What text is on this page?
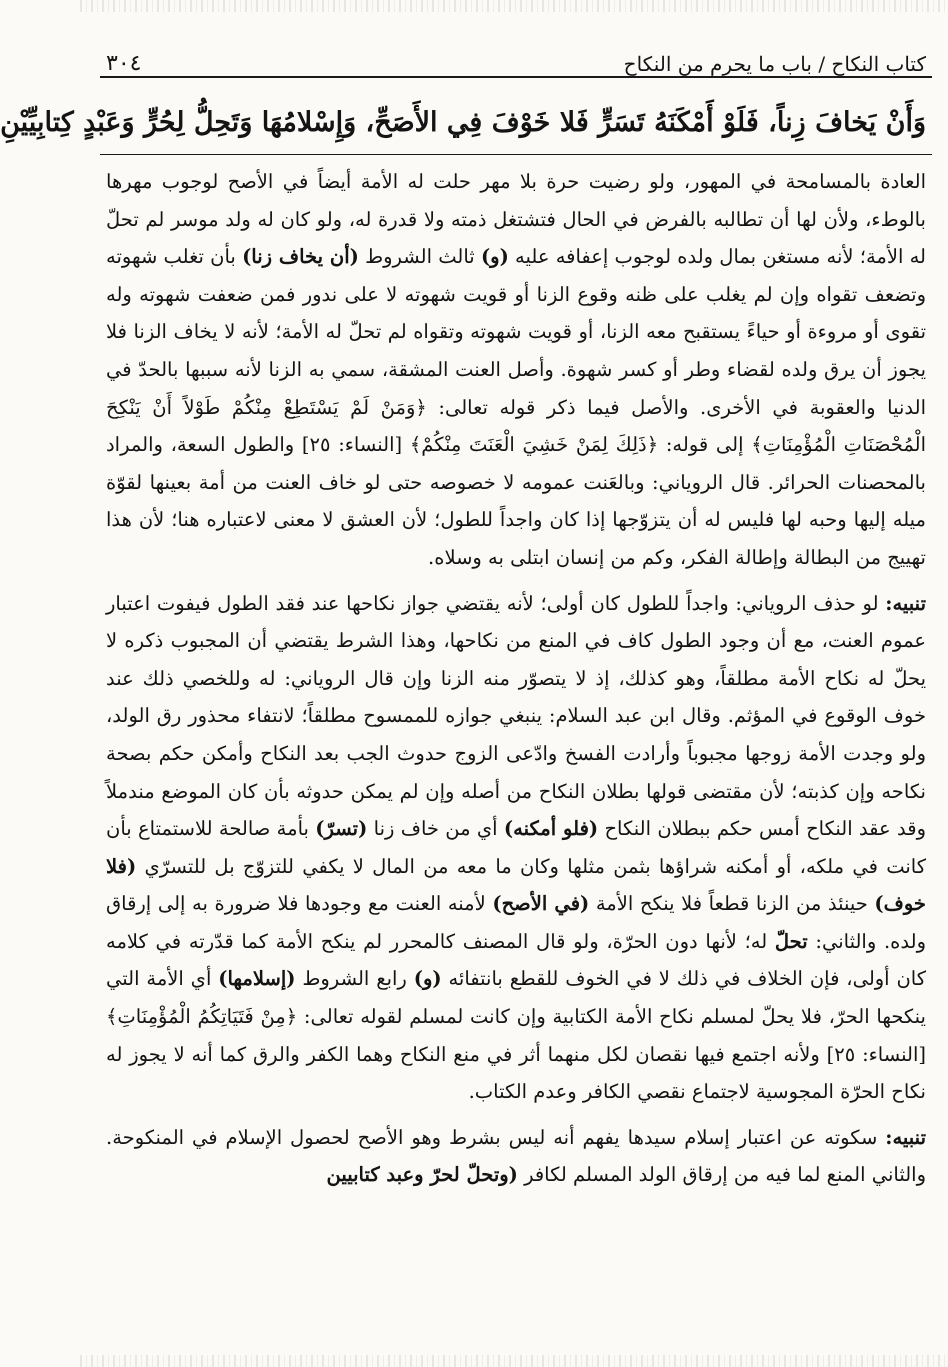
كتاب النكاح / باب ما يحرم من النكاح
٣٠٤
وَأَنْ يَخافَ زِناً، فَلَوْ أَمْكَنَهُ تَسَرٍّ فَلا خَوْفَ فِي الأَصَحِّ، وَإِسْلامُهَا وَتَحِلُّ لِحُرٍّ وَعَبْدٍ كِتابِيِّيْنِ

العادة بالمسامحة في المهور، ولو رضيت حرة بلا مهر حلت له الأمة أيضاً في الأصح لوجوب مهرها بالوطء، ولأن لها أن تطالبه بالفرض في الحال فتشتغل ذمته ولا قدرة له، ولو كان له ولد موسر لم تحلّ له الأمة؛ لأنه مستغن بمال ولده لوجوب إعفافه عليه (و) ثالث الشروط (أن يخاف زنا) بأن تغلب شهوته وتضعف تقواه وإن لم يغلب على ظنه وقوع الزنا أو قويت شهوته لا على ندور فمن ضعفت شهوته وله تقوى أو مروءة أو حياءً يستقبح معه الزنا، أو قويت شهوته وتقواه لم تحلّ له الأمة؛ لأنه لا يخاف الزنا فلا يجوز أن يرق ولده لقضاء وطر أو كسر شهوة. وأصل العنت المشقة، سمي به الزنا لأنه سببها بالحدّ في الدنيا والعقوبة في الأخرى. والأصل فيما ذكر قوله تعالى: ﴿وَمَنْ لَمْ يَسْتَطِعْ مِنْكُمْ طَوْلاً أَنْ يَنْكِحَ الْمُحْصَنَاتِ الْمُؤْمِنَاتِ﴾ إلى قوله: ﴿ذَلِكَ لِمَنْ خَشِيَ الْعَنَتَ مِنْكُمْ﴾ [النساء: ٢٥] والطول السعة، والمراد بالمحصنات الحرائر. قال الروياني: وبالعَنت عمومه لا خصوصه حتى لو خاف العنت من أمة بعينها لقوّة ميله إليها وحبه لها فليس له أن يتزوّجها إذا كان واجداً للطول؛ لأن العشق لا معنى لاعتباره هنا؛ لأن هذا تهييج من البطالة وإطالة الفكر، وكم من إنسان ابتلى به وسلاه.

تنبيه: لو حذف الروياني: واجداً للطول كان أولى؛ لأنه يقتضي جواز نكاحها عند فقد الطول فيفوت اعتبار عموم العنت، مع أن وجود الطول كاف في المنع من نكاحها، وهذا الشرط يقتضي أن المجبوب ذكره لا يحلّ له نكاح الأمة مطلقاً، وهو كذلك، إذ لا يتصوّر منه الزنا وإن قال الروياني: له وللخصي ذلك عند خوف الوقوع في المؤثم. وقال ابن عبد السلام: ينبغي جوازه للممسوح مطلقاً؛ لانتفاء محذور رق الولد، ولو وجدت الأمة زوجها مجبوباً وأرادت الفسخ وادّعى الزوج حدوث الجب بعد النكاح وأمكن حكم بصحة نكاحه وإن كذبته؛ لأن مقتضى قولها بطلان النكاح من أصله وإن لم يمكن حدوثه بأن كان الموضع مندملاً وقد عقد النكاح أمس حكم ببطلان النكاح (فلو أمكنه) أي من خاف زنا (تسرّ) بأمة صالحة للاستمتاع بأن كانت في ملكه، أو أمكنه شراؤها بثمن مثلها وكان ما معه من المال لا يكفي للتزوّج بل للتسرّي (فلا خوف) حينئذ من الزنا قطعاً فلا ينكح الأمة (في الأصح) لأمنه العنت مع وجودها فلا ضرورة به إلى إرقاق ولده. والثاني: تحلّ له؛ لأنها دون الحرّة، ولو قال المصنف كالمحرر لم ينكح الأمة كما قدّرته في كلامه كان أولى، فإن الخلاف في ذلك لا في الخوف للقطع بانتفائه (و) رابع الشروط (إسلامها) أي الأمة التي ينكحها الحرّ، فلا يحلّ لمسلم نكاح الأمة الكتابية وإن كانت لمسلم لقوله تعالى: ﴿مِنْ فَتَيَاتِكُمُ الْمُؤْمِنَاتِ﴾ [النساء: ٢٥] ولأنه اجتمع فيها نقصان لكل منهما أثر في منع النكاح وهما الكفر والرق كما أنه لا يجوز له نكاح الحرّة المجوسية لاجتماع نقصي الكافر وعدم الكتاب.

تنبيه: سكوته عن اعتبار إسلام سيدها يفهم أنه ليس بشرط وهو الأصح لحصول الإسلام في المنكوحة. والثاني المنع لما فيه من إرقاق الولد المسلم لكافر (وتحلّ لحرّ وعبد كتابيين
